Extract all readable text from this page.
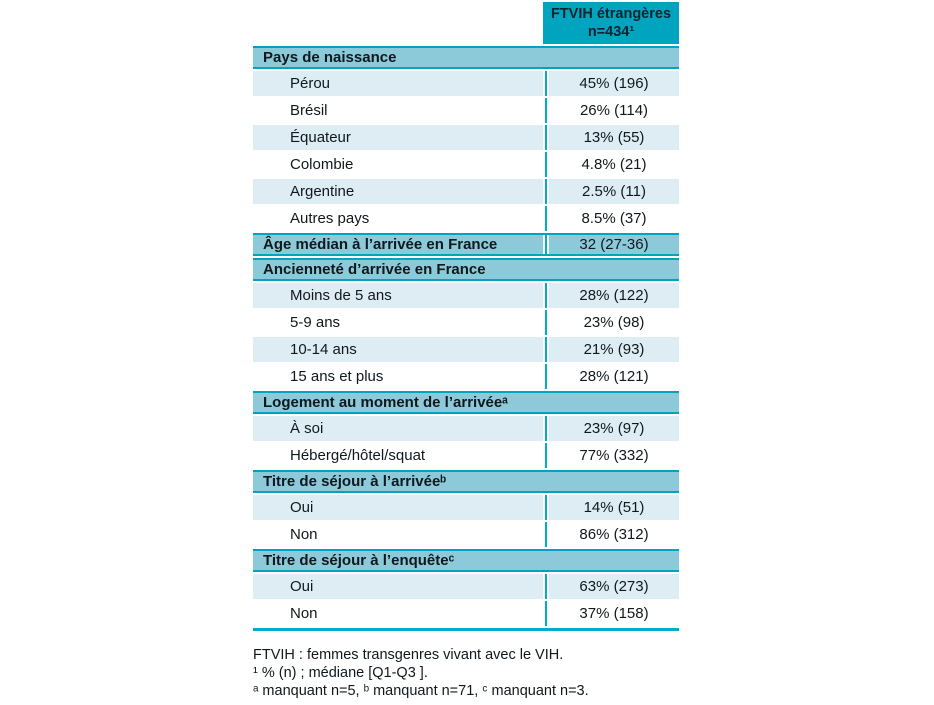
FTVIH étrangères
n=434¹
Pays de naissance
Pérou	45% (196)
Brésil	26% (114)
Équateur	13% (55)
Colombie	4.8% (21)
Argentine	2.5% (11)
Autres pays	8.5% (37)
Âge médian à l’arrivée en France	32 (27-36)
Ancienneté d’arrivée en France
Moins de 5 ans	28% (122)
5-9 ans	23% (98)
10-14 ans	21% (93)
15 ans et plus	28% (121)
Logement au moment de l’arrivéeᵃ
À soi	23% (97)
Hébergé/hôtel/squat	77% (332)
Titre de séjour à l’arrivéeᵇ
Oui	14% (51)
Non	86% (312)
Titre de séjour à l’enquêteᶜ
Oui	63% (273)
Non	37% (158)
FTVIH : femmes transgenres vivant avec le VIH.
¹ % (n) ; médiane [Q1-Q3 ].
ᵃ manquant n=5, ᵇ manquant n=71, ᶜ manquant n=3.
